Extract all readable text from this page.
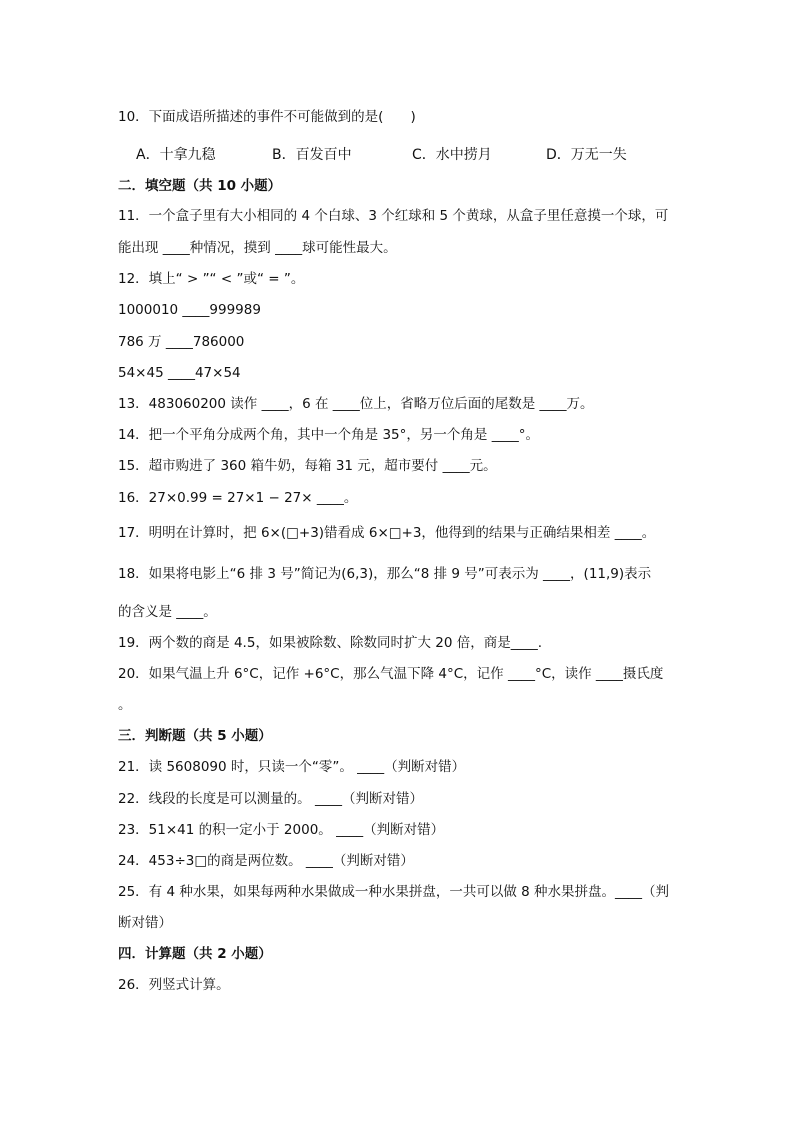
10．下面成语所描述的事件不可能做到的是(　　)
A．十拿九稳	B．百发百中	C．水中捞月	D．万无一失
二．填空题（共 10 小题）
11．一个盒子里有大小相同的 4 个白球、3 个红球和 5 个黄球，从盒子里任意摸一个球，可
能出现 ____种情况，摸到 ____球可能性最大。
12．填上“ > ”“ < ”或“ = ”。
1000010 ____999989
786 万 ____786000
54×45 ____47×54
13．483060200 读作 ____，6 在 ____位上，省略万位后面的尾数是 ____万。
14．把一个平角分成两个角，其中一个角是 35°，另一个角是 ____°。
15．超市购进了 360 箱牛奶，每箱 31 元，超市要付 ____元。
16．27×0.99 = 27×1 − 27× ____。
17．明明在计算时，把 6×(□+3)错看成 6×□+3，他得到的结果与正确结果相差 ____。
18．如果将电影上“6 排 3 号”简记为(6,3)，那么“8 排 9 号”可表示为 ____，(11,9)表示
的含义是 ____。
19．两个数的商是 4.5，如果被除数、除数同时扩大 20 倍，商是____.
20．如果气温上升 6°C，记作 +6°C，那么气温下降 4°C，记作 ____°C，读作 ____摄氏度
。
三．判断题（共 5 小题）
21．读 5608090 时，只读一个“零”。 ____（判断对错）
22．线段的长度是可以测量的。 ____（判断对错）
23．51×41 的积一定小于 2000。 ____（判断对错）
24．453÷3□的商是两位数。 ____（判断对错）
25．有 4 种水果，如果每两种水果做成一种水果拼盘，一共可以做 8 种水果拼盘。____（判
断对错）
四．计算题（共 2 小题）
26．列竖式计算。
